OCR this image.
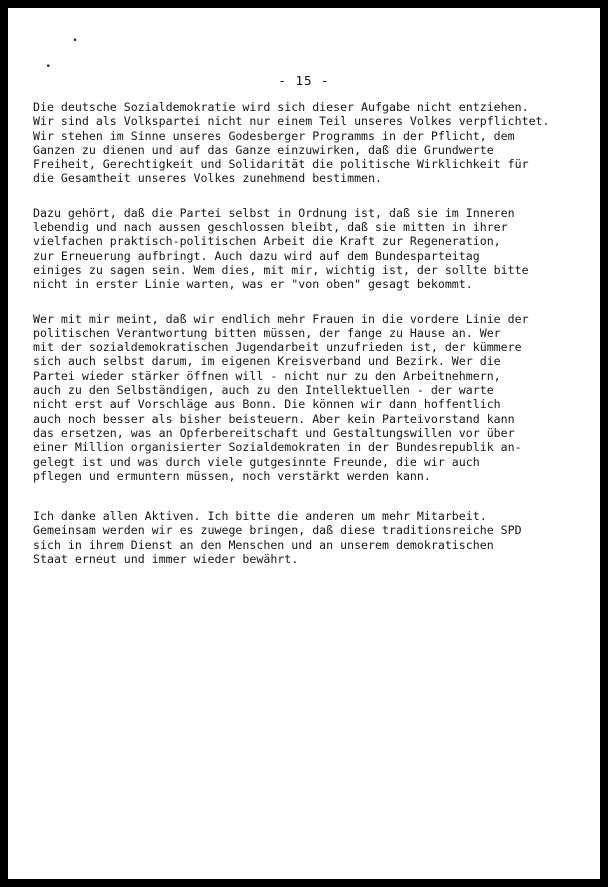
•
•
- 15 -

Die deutsche Sozialdemokratie wird sich dieser Aufgabe nicht entziehen.
Wir sind als Volkspartei nicht nur einem Teil unseres Volkes verpflichtet.
Wir stehen im Sinne unseres Godesberger Programms in der Pflicht, dem
Ganzen zu dienen und auf das Ganze einzuwirken, daß die Grundwerte
Freiheit, Gerechtigkeit und Solidarität die politische Wirklichkeit für
die Gesamtheit unseres Volkes zunehmend bestimmen.

Dazu gehört, daß die Partei selbst in Ordnung ist, daß sie im Inneren
lebendig und nach aussen geschlossen bleibt, daß sie mitten in ihrer
vielfachen praktisch-politischen Arbeit die Kraft zur Regeneration,
zur Erneuerung aufbringt. Auch dazu wird auf dem Bundesparteitag
einiges zu sagen sein. Wem dies, mit mir, wichtig ist, der sollte bitte
nicht in erster Linie warten, was er "von oben" gesagt bekommt.

Wer mit mir meint, daß wir endlich mehr Frauen in die vordere Linie der
politischen Verantwortung bitten müssen, der fange zu Hause an. Wer
mit der sozialdemokratischen Jugendarbeit unzufrieden ist, der kümmere
sich auch selbst darum, im eigenen Kreisverband und Bezirk. Wer die
Partei wieder stärker öffnen will - nicht nur zu den Arbeitnehmern,
auch zu den Selbständigen, auch zu den Intellektuellen - der warte
nicht erst auf Vorschläge aus Bonn. Die können wir dann hoffentlich
auch noch besser als bisher beisteuern. Aber kein Parteivorstand kann
das ersetzen, was an Opferbereitschaft und Gestaltungswillen vor über
einer Million organisierter Sozialdemokraten in der Bundesrepublik an-
gelegt ist und was durch viele gutgesinnte Freunde, die wir auch
pflegen und ermuntern müssen, noch verstärkt werden kann.

Ich danke allen Aktiven. Ich bitte die anderen um mehr Mitarbeit.
Gemeinsam werden wir es zuwege bringen, daß diese traditionsreiche SPD
sich in ihrem Dienst an den Menschen und an unserem demokratischen
Staat erneut und immer wieder bewährt.
